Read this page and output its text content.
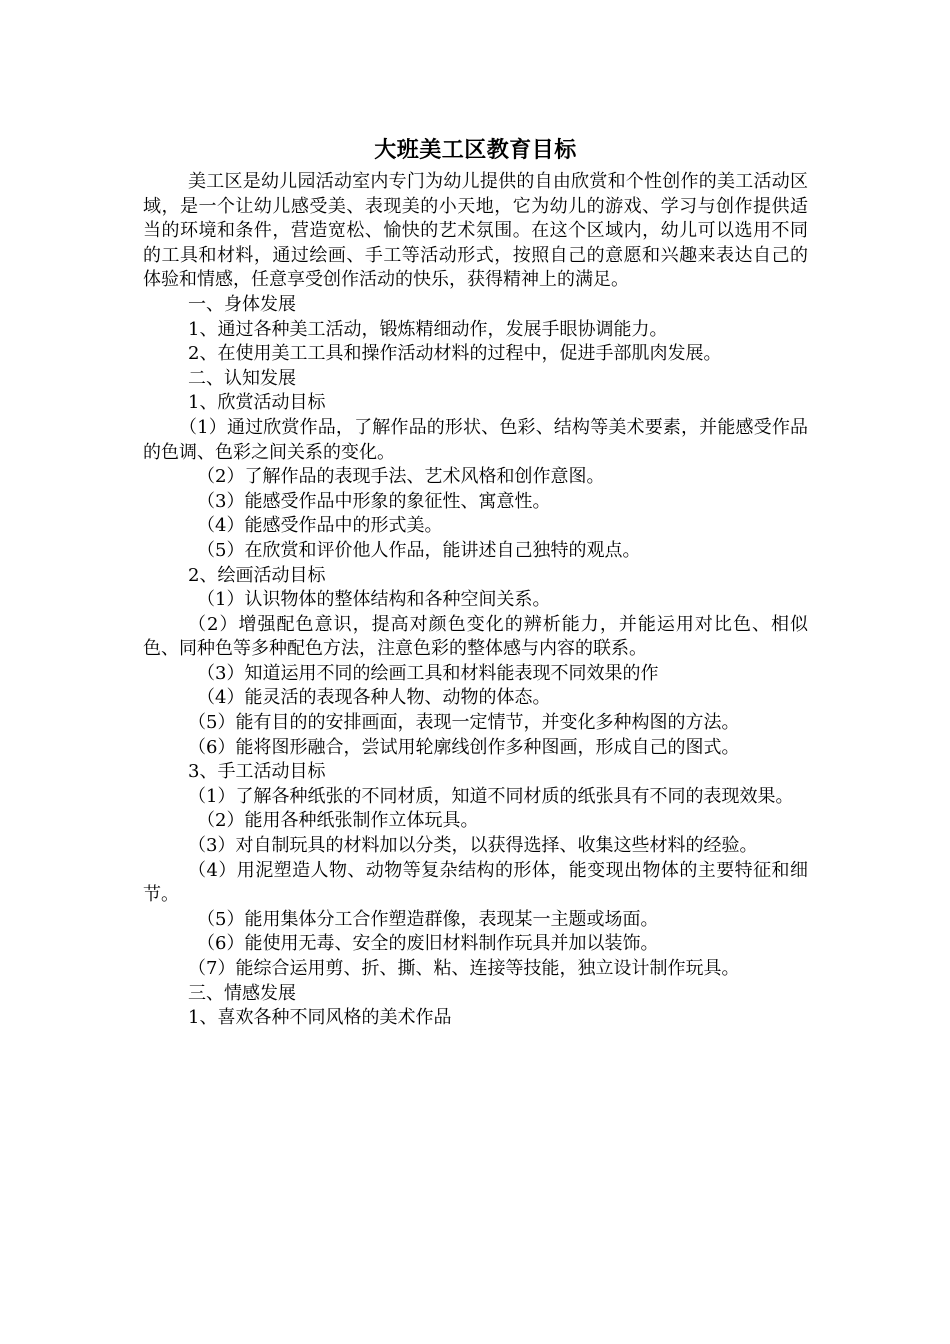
大班美工区教育目标

美工区是幼儿园活动室内专门为幼儿提供的自由欣赏和个性创作的美工活动区域，是一个让幼儿感受美、表现美的小天地，它为幼儿的游戏、学习与创作提供适当的环境和条件，营造宽松、愉快的艺术氛围。在这个区域内，幼儿可以选用不同的工具和材料，通过绘画、手工等活动形式，按照自己的意愿和兴趣来表达自己的体验和情感，任意享受创作活动的快乐，获得精神上的满足。

一、身体发展

1、通过各种美工活动，锻炼精细动作，发展手眼协调能力。

2、在使用美工工具和操作活动材料的过程中，促进手部肌肉发展。

二、认知发展

1、欣赏活动目标

（1）通过欣赏作品，了解作品的形状、色彩、结构等美术要素，并能感受作品的色调、色彩之间关系的变化。

（2）了解作品的表现手法、艺术风格和创作意图。

（3）能感受作品中形象的象征性、寓意性。

（4）能感受作品中的形式美。

（5）在欣赏和评价他人作品，能讲述自己独特的观点。

2、绘画活动目标

（1）认识物体的整体结构和各种空间关系。

（2）增强配色意识，提高对颜色变化的辨析能力，并能运用对比色、相似色、同种色等多种配色方法，注意色彩的整体感与内容的联系。

（3）知道运用不同的绘画工具和材料能表现不同效果的作

（4）能灵活的表现各种人物、动物的体态。

（5）能有目的的安排画面，表现一定情节，并变化多种构图的方法。

（6）能将图形融合，尝试用轮廓线创作多种图画，形成自己的图式。

3、手工活动目标

（1）了解各种纸张的不同材质，知道不同材质的纸张具有不同的表现效果。

（2）能用各种纸张制作立体玩具。

（3）对自制玩具的材料加以分类，以获得选择、收集这些材料的经验。

（4）用泥塑造人物、动物等复杂结构的形体，能变现出物体的主要特征和细节。

（5）能用集体分工合作塑造群像，表现某一主题或场面。

（6）能使用无毒、安全的废旧材料制作玩具并加以装饰。

（7）能综合运用剪、折、撕、粘、连接等技能，独立设计制作玩具。

三、情感发展

1、喜欢各种不同风格的美术作品
